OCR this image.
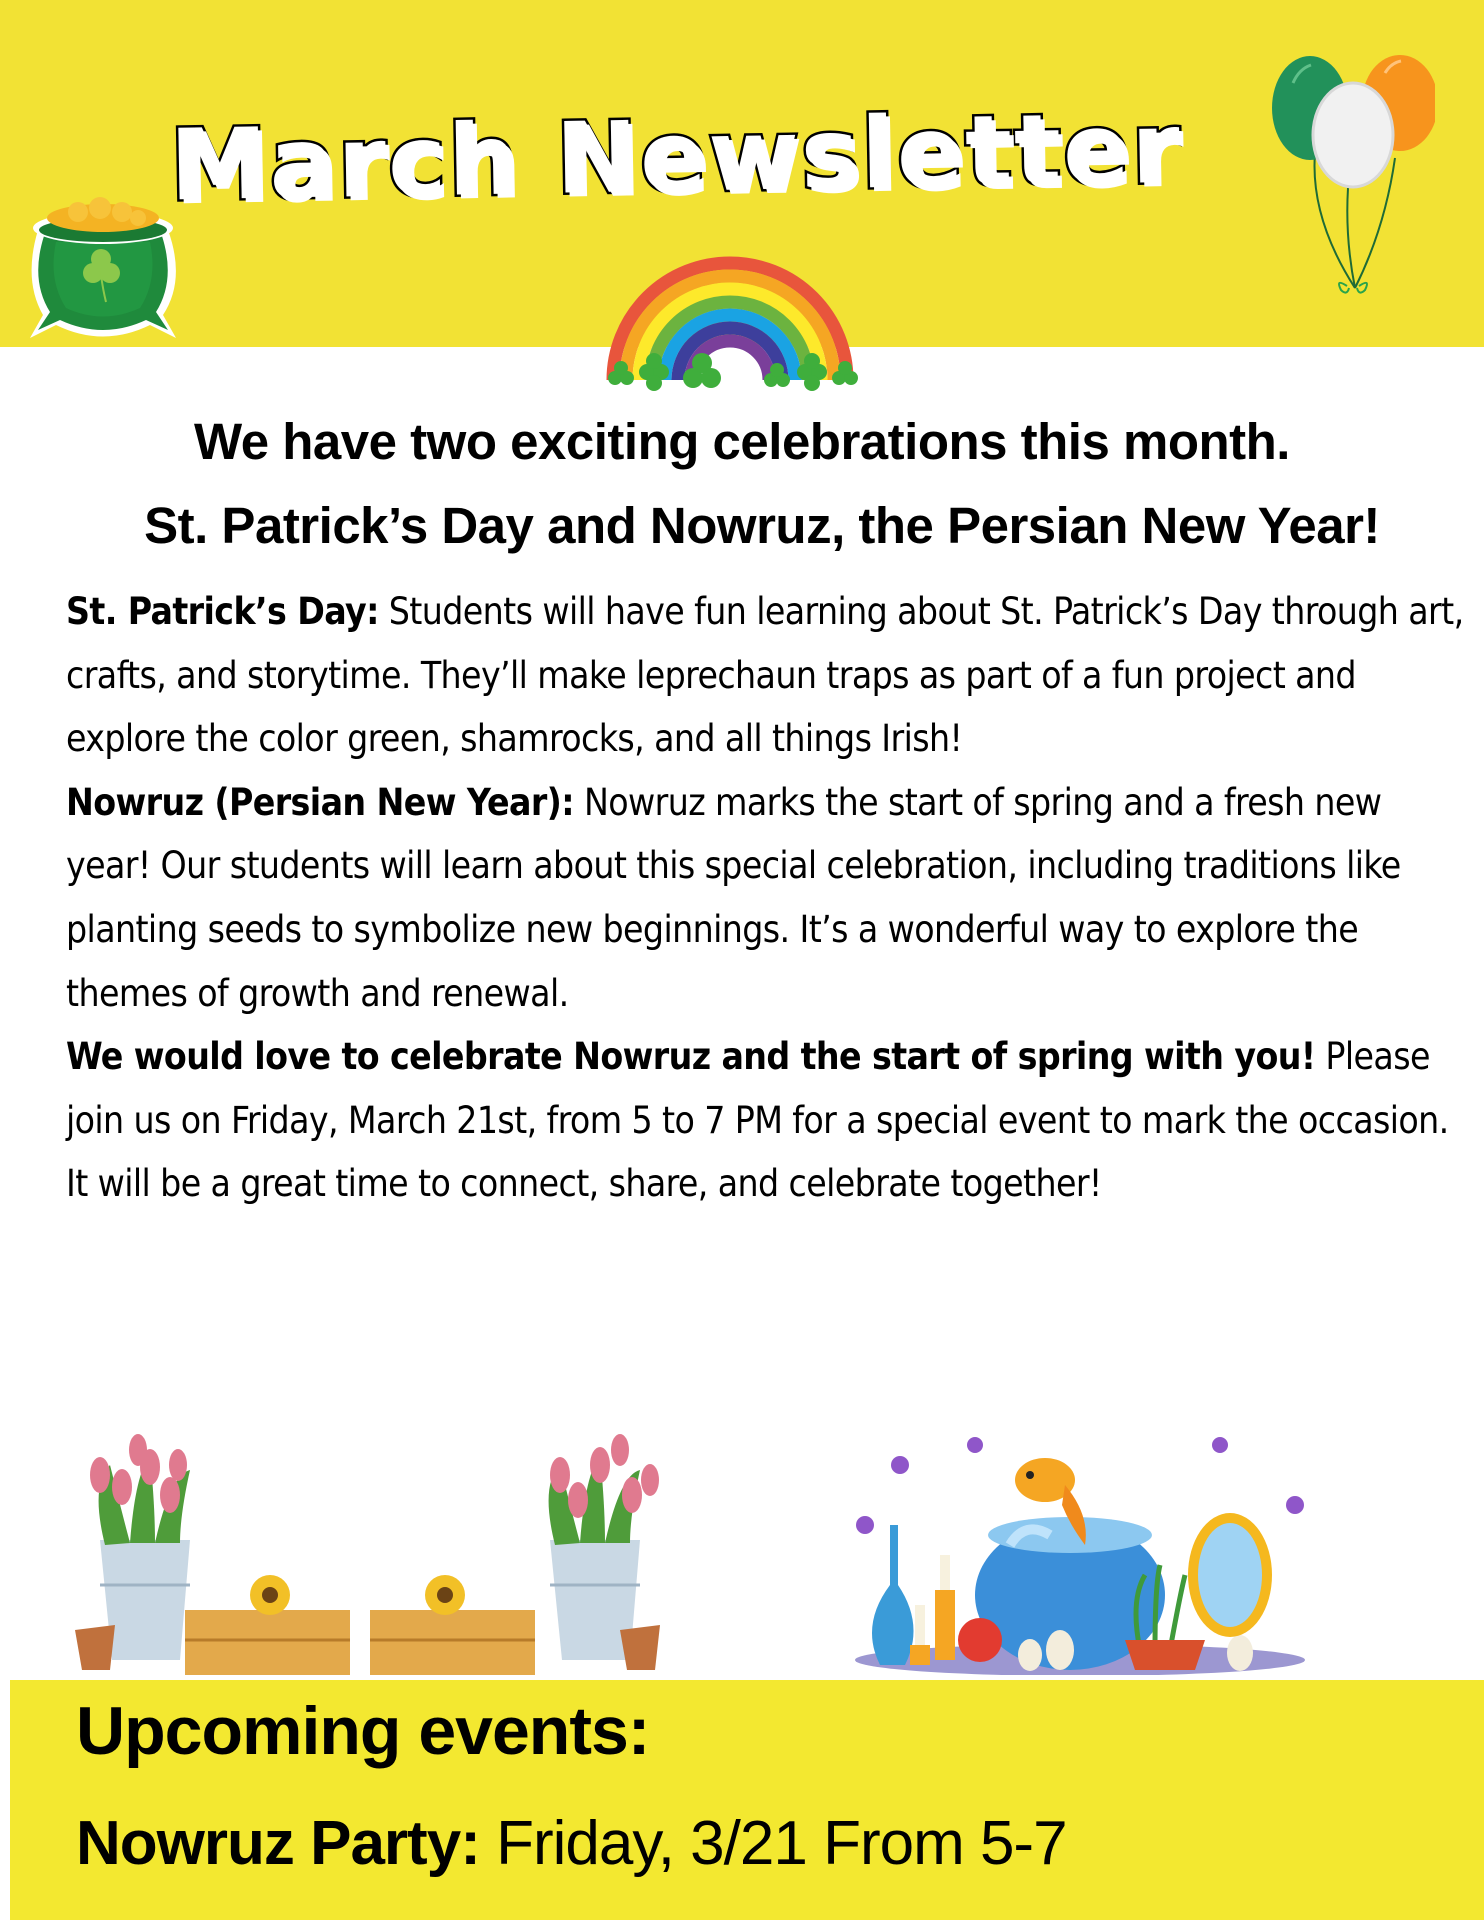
March Newsletter
We have two exciting celebrations this month.
St. Patrick’s Day and Nowruz, the Persian New Year!

St. Patrick’s Day: Students will have fun learning about St. Patrick’s Day through art, crafts, and storytime. They’ll make leprechaun traps as part of a fun project and explore the color green, shamrocks, and all things Irish!

Nowruz (Persian New Year): Nowruz marks the start of spring and a fresh new year! Our students will learn about this special celebration, including traditions like planting seeds to symbolize new beginnings. It’s a wonderful way to explore the themes of growth and renewal.

We would love to celebrate Nowruz and the start of spring with you! Please join us on Friday, March 21st, from 5 to 7 PM for a special event to mark the occasion. It will be a great time to connect, share, and celebrate together!

Upcoming events:
Nowruz Party: Friday, 3/21 From 5-7
